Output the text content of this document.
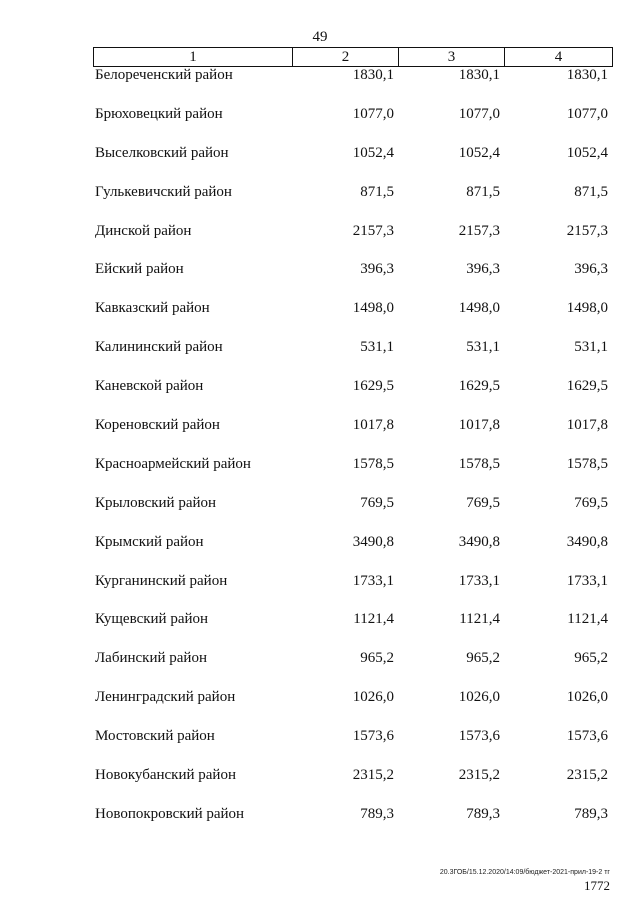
49
1	2	3	4
Белореченский район	1830,1	1830,1	1830,1
Брюховецкий район	1077,0	1077,0	1077,0
Выселковский район	1052,4	1052,4	1052,4
Гулькевичский район	871,5	871,5	871,5
Динской район	2157,3	2157,3	2157,3
Ейский район	396,3	396,3	396,3
Кавказский район	1498,0	1498,0	1498,0
Калининский район	531,1	531,1	531,1
Каневской район	1629,5	1629,5	1629,5
Кореновский район	1017,8	1017,8	1017,8
Красноармейский район	1578,5	1578,5	1578,5
Крыловский район	769,5	769,5	769,5
Крымский район	3490,8	3490,8	3490,8
Курганинский район	1733,1	1733,1	1733,1
Кущевский район	1121,4	1121,4	1121,4
Лабинский район	965,2	965,2	965,2
Ленинградский район	1026,0	1026,0	1026,0
Мостовский район	1573,6	1573,6	1573,6
Новокубанский район	2315,2	2315,2	2315,2
Новопокровский район	789,3	789,3	789,3
20.3ГОБ/15.12.2020/14:09/бюджет-2021-прил-19-2 тг
1772
